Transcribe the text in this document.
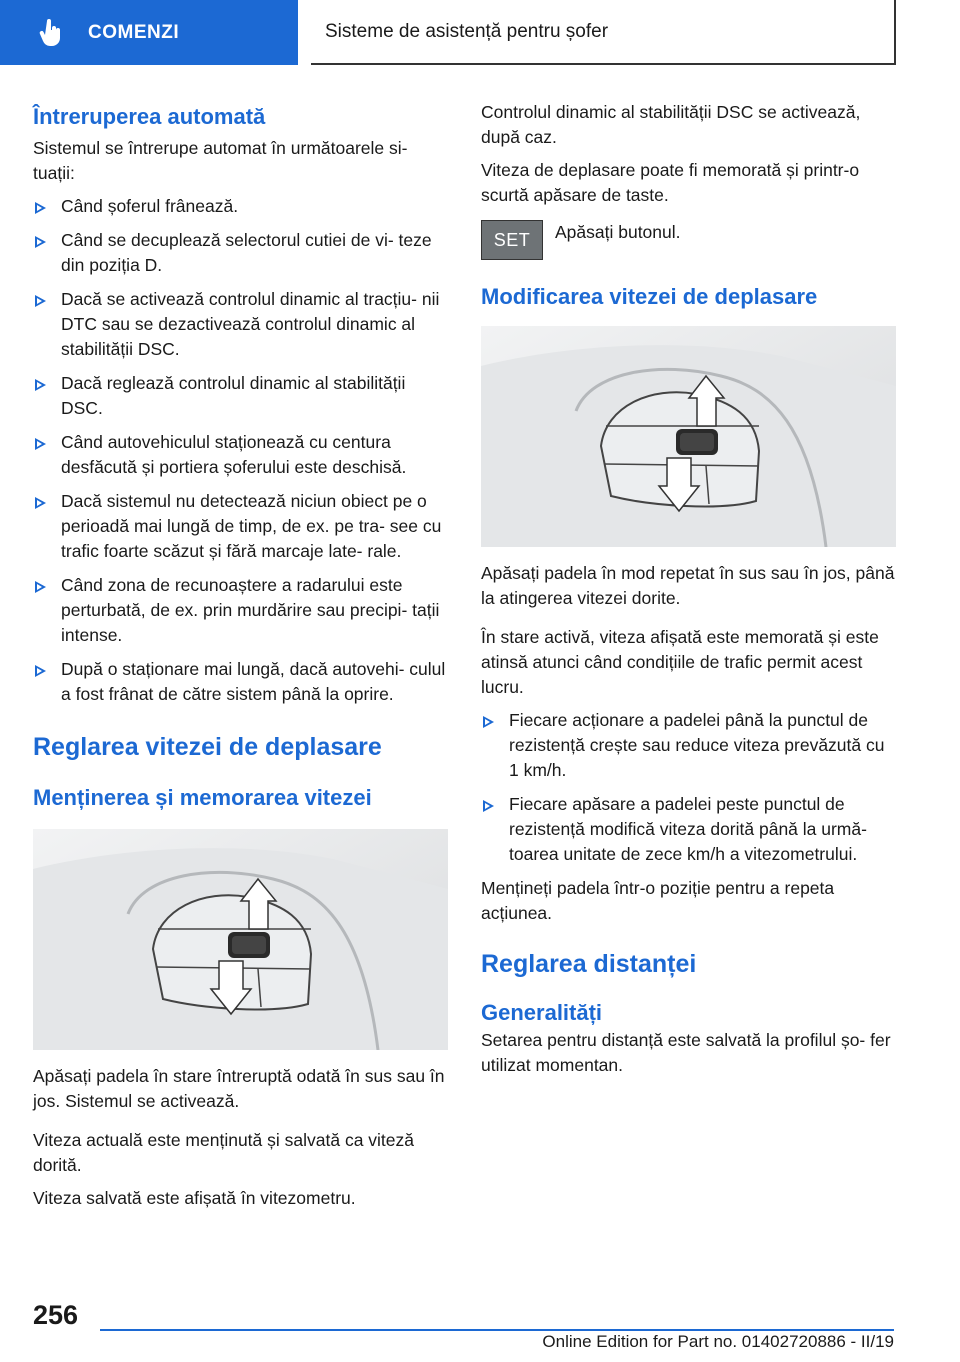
COMENZI	Sisteme de asistență pentru șofer
Întreruperea automată

Sistemul se întrerupe automat în următoarele si- tuații:

Când șoferul frânează.
Când se decuplează selectorul cutiei de vi- teze din poziția D.
Dacă se activează controlul dinamic al tracțiu- nii DTC sau se dezactivează controlul dinamic al stabilității DSC.
Dacă reglează controlul dinamic al stabilității DSC.
Când autovehiculul staționează cu centura desfăcută și portiera șoferului este deschisă.
Dacă sistemul nu detectează niciun obiect pe o perioadă mai lungă de timp, de ex. pe tra- see cu trafic foarte scăzut și fără marcaje late- rale.
Când zona de recunoaștere a radarului este perturbată, de ex. prin murdărire sau precipi- tații intense.
După o staționare mai lungă, dacă autovehi- culul a fost frânat de către sistem până la oprire.
Reglarea vitezei de deplasare
Menținerea și memorarea vitezei

Apăsați padela în stare întreruptă odată în sus sau în jos. Sistemul se activează.

Viteza actuală este menținută și salvată ca viteză dorită.

Viteza salvată este afișată în vitezometru.

Controlul dinamic al stabilității DSC se activează, după caz.

Viteza de deplasare poate fi memorată și printr-o scurtă apăsare de taste.

SET	Apăsați butonul.
Modificarea vitezei de deplasare

Apăsați padela în mod repetat în sus sau în jos, până la atingerea vitezei dorite.

În stare activă, viteza afișată este memorată și este atinsă atunci când condițiile de trafic permit acest lucru.

Fiecare acționare a padelei până la punctul de rezistență crește sau reduce viteza prevăzută cu 1 km/h.
Fiecare apăsare a padelei peste punctul de rezistență modifică viteza dorită până la urmă- toarea unitate de zece km/h a vitezometrului.

Mențineți padela într-o poziție pentru a repeta acțiunea.

Reglarea distanței
Generalități

Setarea pentru distanță este salvată la profilul șo- fer utilizat momentan.

256
Online Edition for Part no. 01402720886 - II/19
